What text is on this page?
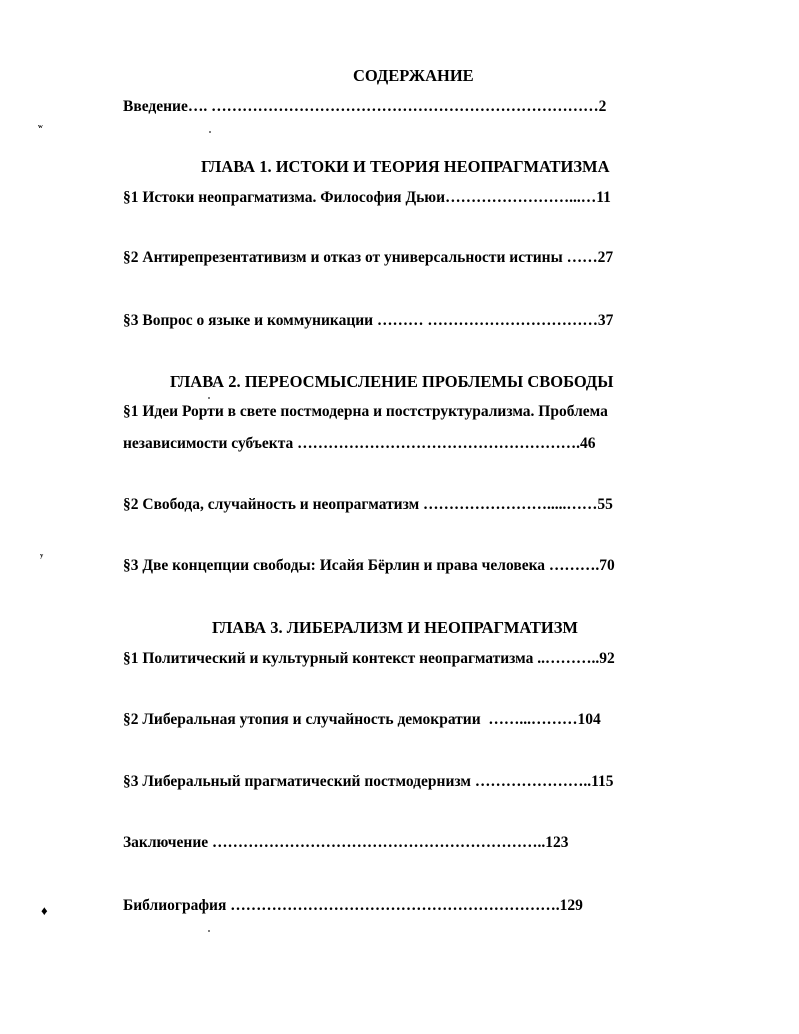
СОДЕРЖАНИЕ
Введение…. …………………………………………………………………2
ГЛАВА 1. ИСТОКИ И ТЕОРИЯ НЕОПРАГМАТИЗМА
§1 Истоки неопрагматизма. Философия Дьюи……………………...…11
§2 Антирепрезентативизм и отказ от универсальности истины ……27
§3 Вопрос о языке и коммуникации ……… ……………………………37
ГЛАВА 2. ПЕРЕОСМЫСЛЕНИЕ ПРОБЛЕМЫ СВОБОДЫ
§1 Идеи Рорти в свете постмодерна и постструктурализма. Проблема
независимости субъекта ……………………………………………….46
§2 Свобода, случайность и неопрагматизм …………………….....……55
§3 Две концепции свободы: Исайя Бёрлин и права человека ……….70
ГЛАВА 3. ЛИБЕРАЛИЗМ И НЕОПРАГМАТИЗМ
§1 Политический и культурный контекст неопрагматизма ..………..92
§2 Либеральная утопия и случайность демократии  ……...………104
§3 Либеральный прагматический постмодернизм …………………..115
Заключение ………………………………………………………..123
Библиография ……………………………………………………….129
ʷ
ʸ
♦
